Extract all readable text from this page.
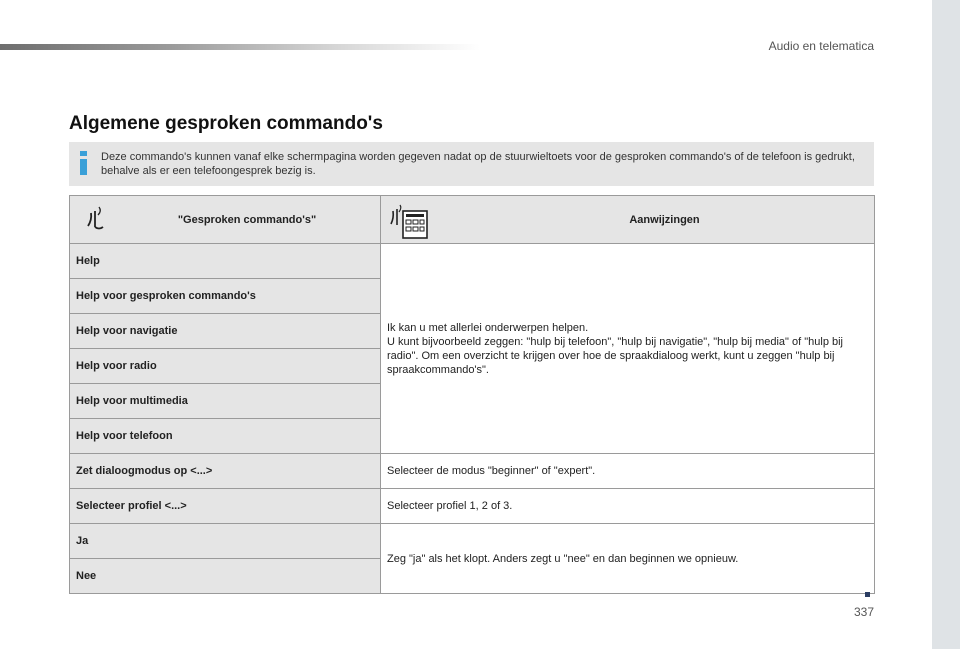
Audio en telematica
Algemene gesproken commando's
Deze commando's kunnen vanaf elke schermpagina worden gegeven nadat op de stuurwieltoets voor de gesproken commando's of de telefoon is gedrukt, behalve als er een telefoongesprek bezig is.
"Gesproken commando's"	Aanwijzingen

Help	Ik kan u met allerlei onderwerpen helpen.
U kunt bijvoorbeeld zeggen: "hulp bij telefoon", "hulp bij navigatie", "hulp bij media" of "hulp bij radio". Om een overzicht te krijgen over hoe de spraakdialoog werkt, kunt u zeggen "hulp bij spraakcommando's".
Help voor gesproken commando's	
Help voor navigatie	
Help voor radio	
Help voor multimedia	
Help voor telefoon	
Zet dialoogmodus op <...>	Selecteer de modus "beginner" of "expert".
Selecteer profiel <...>	Selecteer profiel 1, 2 of 3.
Ja	Zeg "ja" als het klopt. Anders zegt u "nee" en dan beginnen we opnieuw.
Nee	
337
